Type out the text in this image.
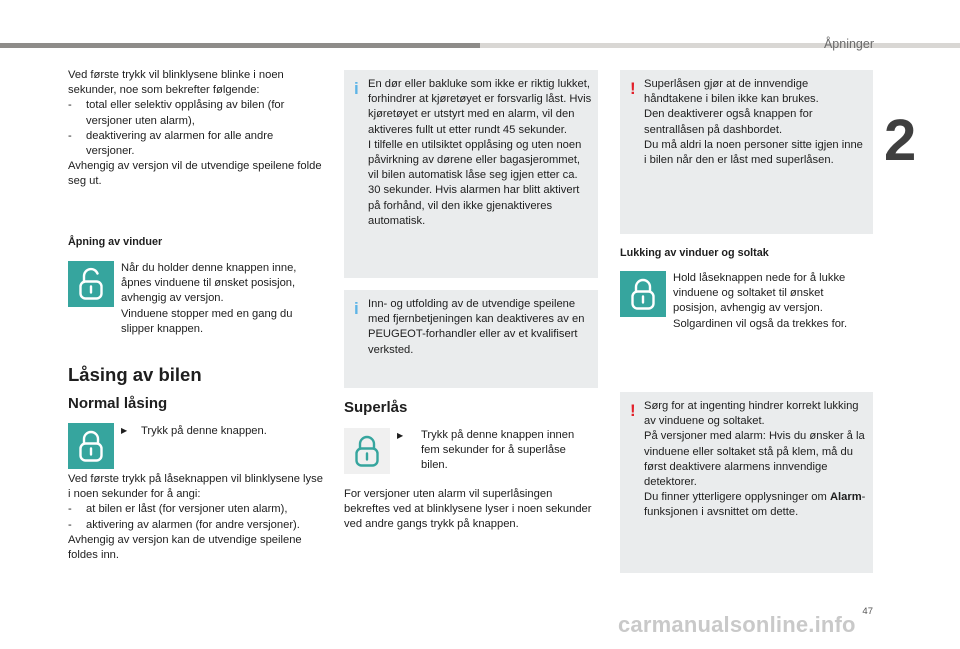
Åpninger
2

Ved første trykk vil blinklysene blinke i noen sekunder, noe som bekrefter følgende:

-	total eller selektiv opplåsing av bilen (for versjoner uten alarm),
-	deaktivering av alarmen for alle andre versjoner.

Avhengig av versjon vil de utvendige speilene folde seg ut.

Åpning av vinduer

Når du holder denne knappen inne, åpnes vinduene til ønsket posisjon, avhengig av versjon.

Vinduene stopper med en gang du slipper knappen.

Låsing av bilen
Normal låsing

▶ Trykk på denne knappen.

Ved første trykk på låseknappen vil blinklysene lyse i noen sekunder for å angi:

-	at bilen er låst (for versjoner uten alarm),
-	aktivering av alarmen (for andre versjoner).

Avhengig av versjon kan de utvendige speilene foldes inn.

i En dør eller bakluke som ikke er riktig lukket, forhindrer at kjøretøyet er forsvarlig låst. Hvis kjøretøyet er utstyrt med en alarm, vil den aktiveres fullt ut etter rundt 45 sekunder.

I tilfelle en utilsiktet opplåsing og uten noen påvirkning av dørene eller bagasjerommet, vil bilen automatisk låse seg igjen etter ca. 30 sekunder. Hvis alarmen har blitt aktivert på forhånd, vil den ikke gjenaktiveres automatisk.

i Inn- og utfolding av de utvendige speilene med fjernbetjeningen kan deaktiveres av en PEUGEOT-forhandler eller av et kvalifisert verksted.

Superlås

▶	Trykk på denne knappen innen fem sekunder for å superlåse bilen.

For versjoner uten alarm vil superlåsingen bekreftes ved at blinklysene lyser i noen sekunder ved andre gangs trykk på knappen.

! Superlåsen gjør at de innvendige håndtakene i bilen ikke kan brukes.

Den deaktiverer også knappen for sentrallåsen på dashbordet.

Du må aldri la noen personer sitte igjen inne i bilen når den er låst med superlåsen.

Lukking av vinduer og soltak

Hold låseknappen nede for å lukke vinduene og soltaket til ønsket posisjon, avhengig av versjon. Solgardinen vil også da trekkes for.

! Sørg for at ingenting hindrer korrekt lukking av vinduene og soltaket.

På versjoner med alarm: Hvis du ønsker å la vinduene eller soltaket stå på klem, må du først deaktivere alarmens innvendige detektorer.

Du finner ytterligere opplysninger om Alarm-funksjonen i avsnittet om dette.

47
carmanualsonline.info
